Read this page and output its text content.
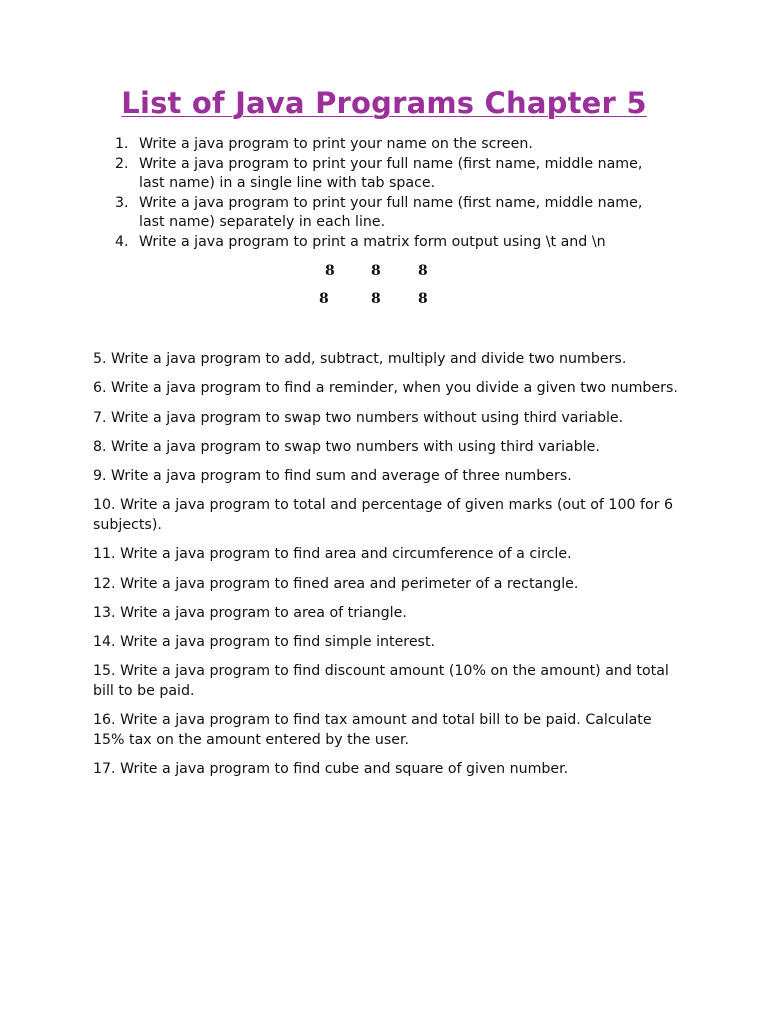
List of Java Programs Chapter 5
1. Write a java program to print your name on the screen.
2. Write a java program to print your full name (first name, middle name, last name) in a single line with tab space.
3. Write a java program to print your full name (first name, middle name, last name) separately in each line.
4. Write a java program to print a matrix form output using \t and \n
8	8	8
8	8	8

5. Write a java program to add, subtract, multiply and divide two numbers.

6. Write a java program to find a reminder, when you divide a given two numbers.

7. Write a java program to swap two numbers without using third variable.

8. Write a java program to swap two numbers with using third variable.

9. Write a java program to find sum and average of three numbers.

10. Write a java program to total and percentage of given marks (out of 100 for 6 subjects).

11. Write a java program to find area and circumference of a circle.

12. Write a java program to fined area and perimeter of a rectangle.

13. Write a java program to area of triangle.

14. Write a java program to find simple interest.

15. Write a java program to find discount amount (10% on the amount) and total bill to be paid.

16. Write a java program to find tax amount and total bill to be paid. Calculate 15% tax on the amount entered by the user.

17. Write a java program to find cube and square of given number.
